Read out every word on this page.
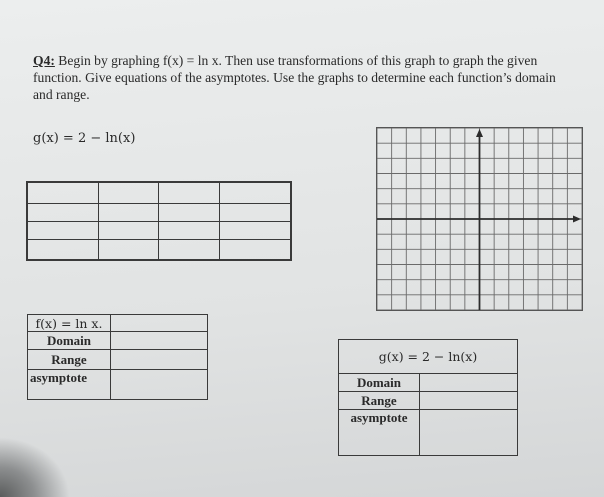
Q4: Begin by graphing f(x) = ln x. Then use transformations of this graph to graph the given function. Give equations of the asymptotes. Use the graphs to determine each function’s domain and range.
g(x) = 2 − ln(x)

f(x) = ln x.	
Domain	
Range	
asymptote	
g(x) = 2 − ln(x)	
Domain	
Range	
asymptote	
